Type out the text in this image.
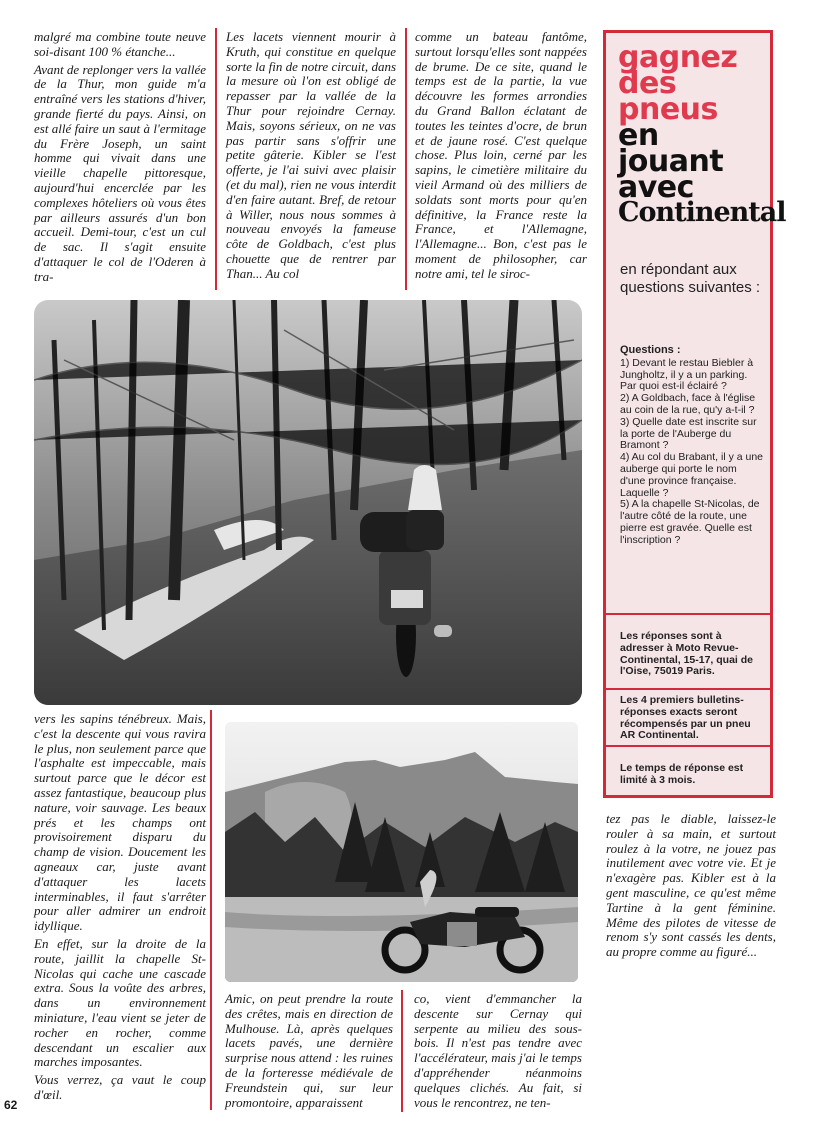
malgré ma combine toute neuve soi-disant 100 % étanche...

Avant de replonger vers la vallée de la Thur, mon guide m'a entraîné vers les stations d'hiver, grande fierté du pays. Ainsi, on est allé faire un saut à l'ermitage du Frère Joseph, un saint homme qui vivait dans une vieille chapelle pittoresque, aujourd'hui encerclée par les complexes hôteliers où vous êtes par ailleurs assurés d'un bon accueil. Demi-tour, c'est un cul de sac. Il s'agit ensuite d'attaquer le col de l'Oderen à tra-

Les lacets viennent mourir à Kruth, qui constitue en quelque sorte la fin de notre circuit, dans la mesure où l'on est obligé de repasser par la vallée de la Thur pour rejoindre Cernay. Mais, soyons sérieux, on ne vas pas partir sans s'offrir une petite gâterie. Kibler se l'est offerte, je l'ai suivi avec plaisir (et du mal), rien ne vous interdit d'en faire autant. Bref, de retour à Willer, nous nous sommes à nouveau envoyés la fameuse côte de Goldbach, c'est plus chouette que de rentrer par Than... Au col

comme un bateau fantôme, surtout lorsqu'elles sont nappées de brume. De ce site, quand le temps est de la partie, la vue découvre les formes arrondies du Grand Ballon éclatant de toutes les teintes d'ocre, de brun et de jaune rosé. C'est quelque chose. Plus loin, cerné par les sapins, le cimetière militaire du vieil Armand où des milliers de soldats sont morts pour qu'en définitive, la France reste la France, et l'Allemagne, l'Allemagne... Bon, c'est pas le moment de philosopher, car notre ami, tel le siroc-

vers les sapins ténébreux. Mais, c'est la descente qui vous ravira le plus, non seulement parce que l'asphalte est impeccable, mais surtout parce que le décor est assez fantastique, beaucoup plus nature, voir sauvage. Les beaux prés et les champs ont provisoirement disparu du champ de vision. Doucement les agneaux car, juste avant d'attaquer les lacets interminables, il faut s'arrêter pour aller admirer un endroit idyllique.

En effet, sur la droite de la route, jaillit la chapelle St-Nicolas qui cache une cascade extra. Sous la voûte des arbres, dans un environnement miniature, l'eau vient se jeter de rocher en rocher, comme descendant un escalier aux marches imposantes.

Vous verrez, ça vaut le coup d'œil.

Amic, on peut prendre la route des crêtes, mais en direction de Mulhouse. Là, après quelques lacets pavés, une dernière surprise nous attend : les ruines de la forteresse médiévale de Freundstein qui, sur leur promontoire, apparaissent

co, vient d'emmancher la descente sur Cernay qui serpente au milieu des sous-bois. Il n'est pas tendre avec l'accélérateur, mais j'ai le temps d'appréhender néanmoins quelques clichés. Au fait, si vous le rencontrez, ne ten-

tez pas le diable, laissez-le rouler à sa main, et surtout roulez à la votre, ne jouez pas inutilement avec votre vie. Et je n'exagère pas. Kibler est à la gent masculine, ce qu'est même Tartine à la gent féminine. Même des pilotes de vitesse de renom s'y sont cassés les dents, au propre comme au figuré...

gagnez
des
pneus
en
jouant
avec
Continental
en répondant aux questions suivantes :
Questions :

1) Devant le restau Biebler à Jungholtz, il y a un parking. Par quoi est-il éclairé ?

2) A Goldbach, face à l'église au coin de la rue, qu'y a-t-il ?

3) Quelle date est inscrite sur la porte de l'Auberge du Bramont ?

4) Au col du Brabant, il y a une auberge qui porte le nom d'une province française. Laquelle ?

5) A la chapelle St-Nicolas, de l'autre côté de la route, une pierre est gravée. Quelle est l'inscription ?

Les réponses sont à adresser à Moto Revue-Continental, 15-17, quai de l'Oise, 75019 Paris.
Les 4 premiers bulletins-réponses exacts seront récompensés par un pneu AR Continental.
Le temps de réponse est limité à 3 mois.
62
